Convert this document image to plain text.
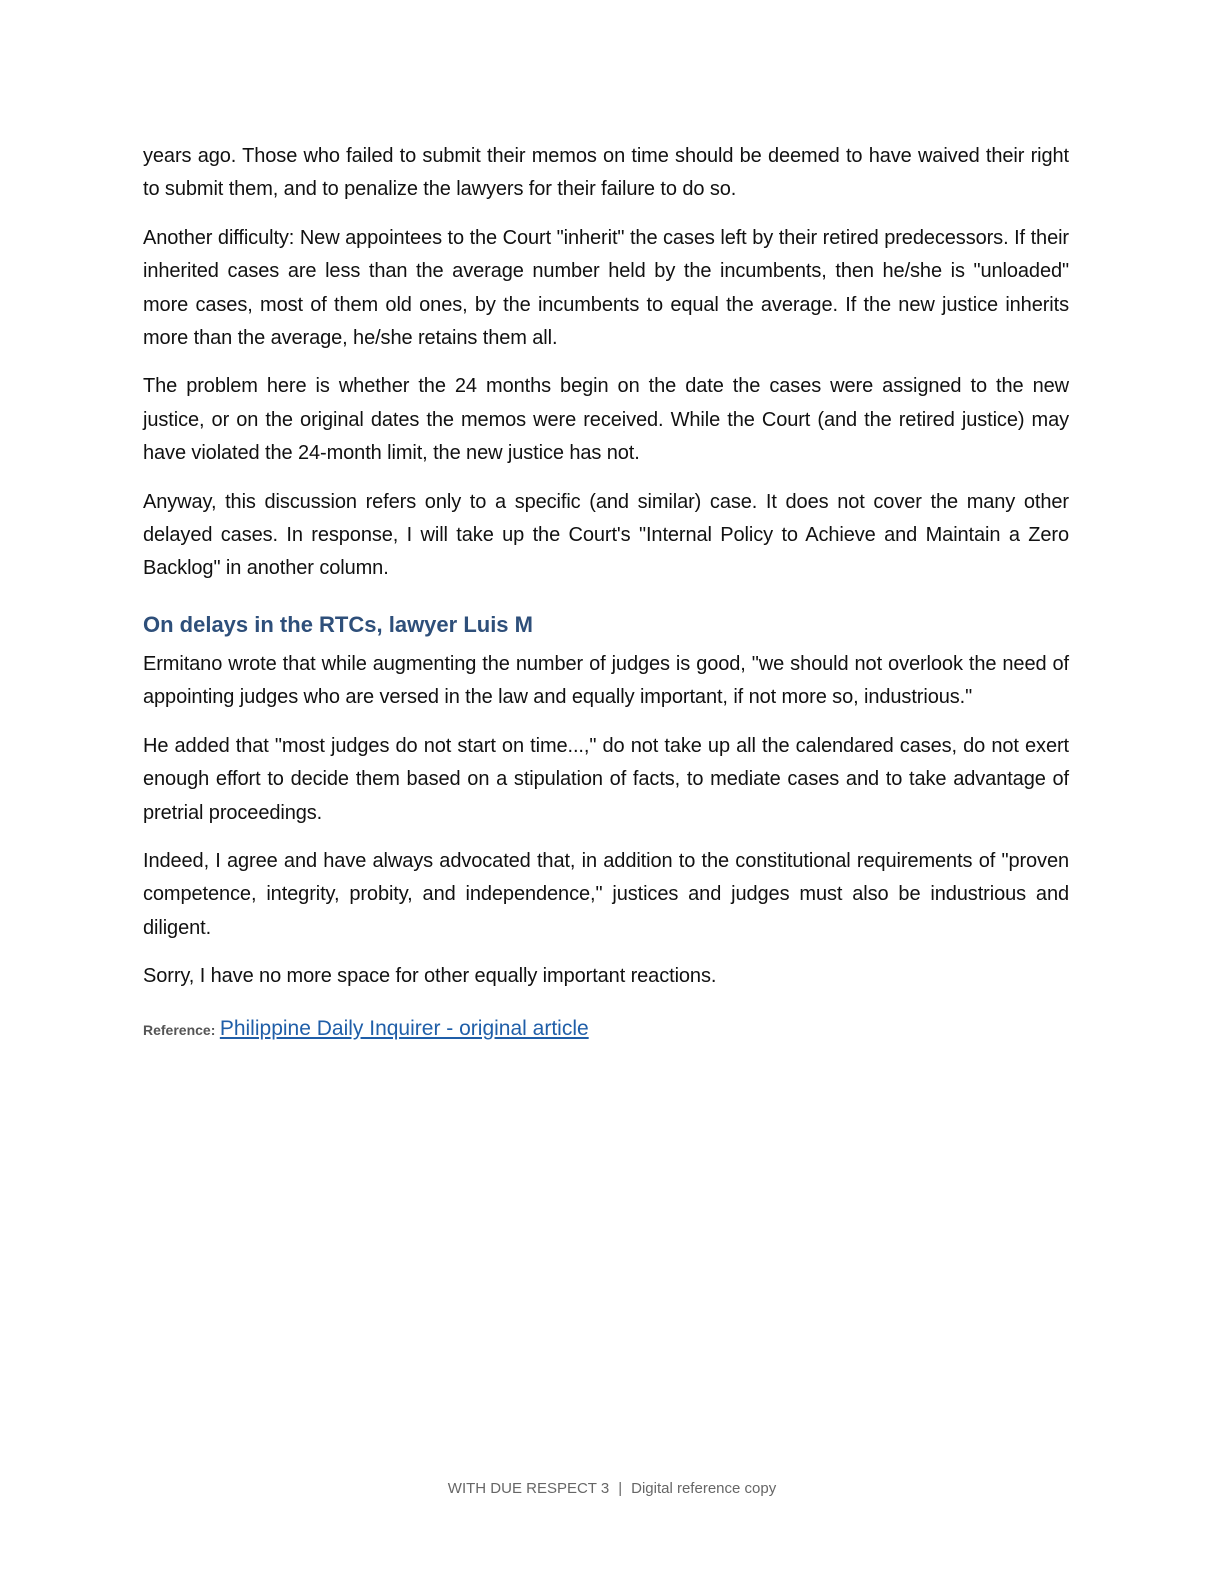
years ago. Those who failed to submit their memos on time should be deemed to have waived their right to submit them, and to penalize the lawyers for their failure to do so.

Another difficulty: New appointees to the Court "inherit" the cases left by their retired predecessors. If their inherited cases are less than the average number held by the incumbents, then he/she is "unloaded" more cases, most of them old ones, by the incumbents to equal the average. If the new justice inherits more than the average, he/she retains them all.

The problem here is whether the 24 months begin on the date the cases were assigned to the new justice, or on the original dates the memos were received. While the Court (and the retired justice) may have violated the 24-month limit, the new justice has not.

Anyway, this discussion refers only to a specific (and similar) case. It does not cover the many other delayed cases. In response, I will take up the Court's "Internal Policy to Achieve and Maintain a Zero Backlog" in another column.

On delays in the RTCs, lawyer Luis M

Ermitano wrote that while augmenting the number of judges is good, "we should not overlook the need of appointing judges who are versed in the law and equally important, if not more so, industrious."

He added that "most judges do not start on time...," do not take up all the calendared cases, do not exert enough effort to decide them based on a stipulation of facts, to mediate cases and to take advantage of pretrial proceedings.

Indeed, I agree and have always advocated that, in addition to the constitutional requirements of "proven competence, integrity, probity, and independence," justices and judges must also be industrious and diligent.

Sorry, I have no more space for other equally important reactions.

Reference: Philippine Daily Inquirer - original article
WITH DUE RESPECT 3 | Digital reference copy
